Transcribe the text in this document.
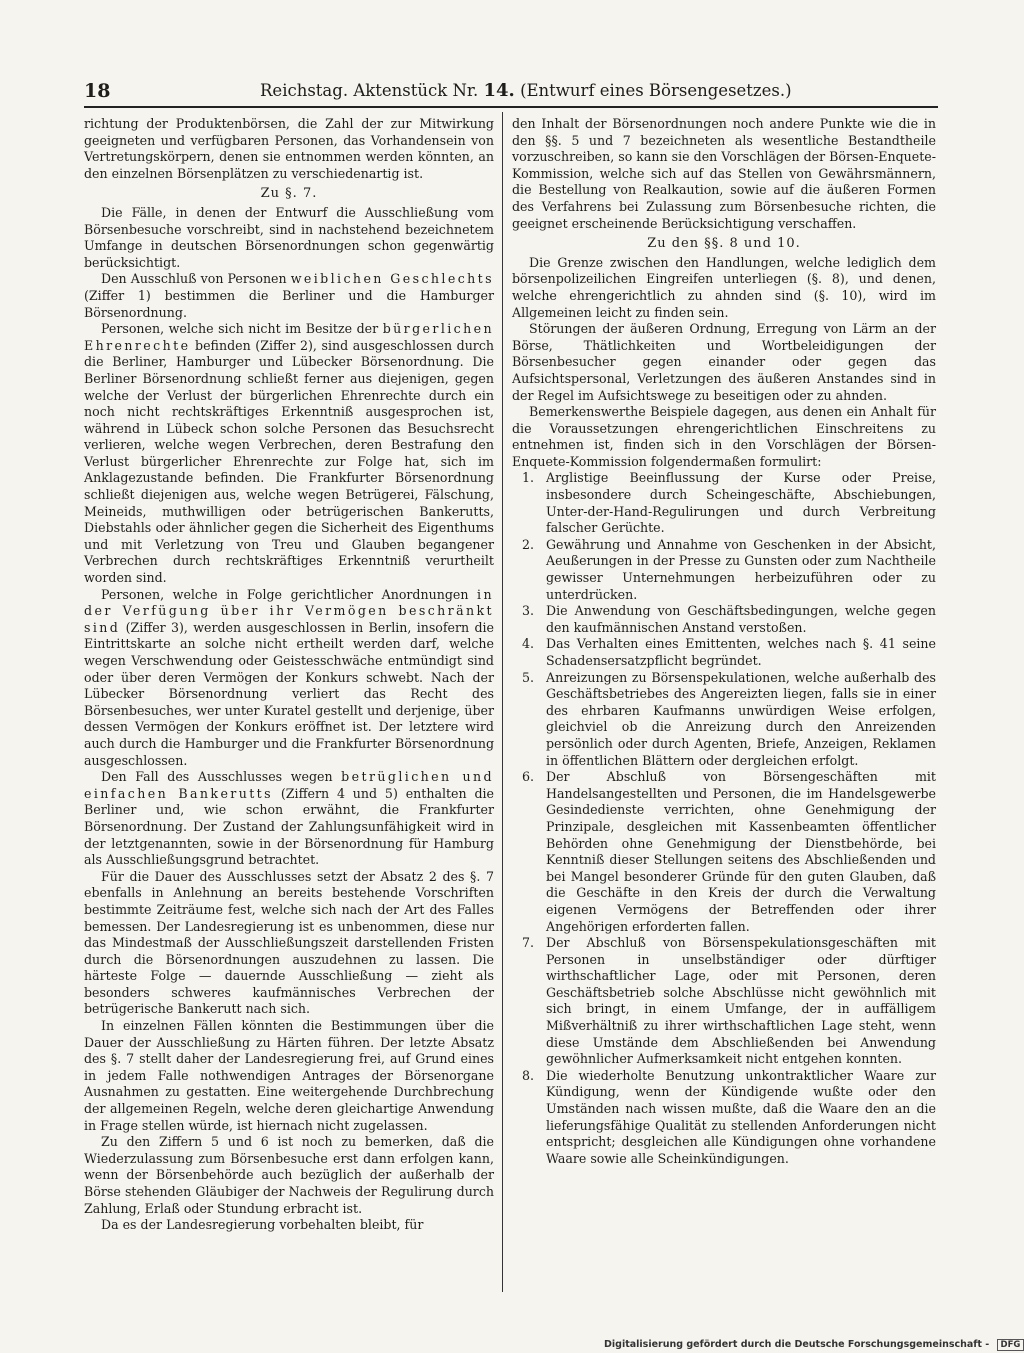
18	Reichstag. Aktenstück Nr. 14. (Entwurf eines Börsengesetzes.)

richtung der Produktenbörsen, die Zahl der zur Mitwirkung geeigneten und verfügbaren Personen, das Vorhandensein von Vertretungskörpern, denen sie entnommen werden könnten, an den einzelnen Börsenplätzen zu verschiedenartig ist.

Zu §. 7.

Die Fälle, in denen der Entwurf die Ausschließung vom Börsenbesuche vorschreibt, sind in nachstehend bezeichnetem Umfange in deutschen Börsenordnungen schon gegenwärtig berücksichtigt.

Den Ausschluß von Personen weiblichen Geschlechts (Ziffer 1) bestimmen die Berliner und die Hamburger Börsenordnung.

Personen, welche sich nicht im Besitze der bürgerlichen Ehrenrechte befinden (Ziffer 2), sind ausgeschlossen durch die Berliner, Hamburger und Lübecker Börsenordnung. Die Berliner Börsenordnung schließt ferner aus diejenigen, gegen welche der Verlust der bürgerlichen Ehrenrechte durch ein noch nicht rechtskräftiges Erkenntniß ausgesprochen ist, während in Lübeck schon solche Personen das Besuchsrecht verlieren, welche wegen Verbrechen, deren Bestrafung den Verlust bürgerlicher Ehrenrechte zur Folge hat, sich im Anklagezustande befinden. Die Frankfurter Börsenordnung schließt diejenigen aus, welche wegen Betrügerei, Fälschung, Meineids, muthwilligen oder betrügerischen Bankerutts, Diebstahls oder ähnlicher gegen die Sicherheit des Eigenthums und mit Verletzung von Treu und Glauben begangener Verbrechen durch rechtskräftiges Erkenntniß verurtheilt worden sind.

Personen, welche in Folge gerichtlicher Anordnungen in der Verfügung über ihr Vermögen beschränkt sind (Ziffer 3), werden ausgeschlossen in Berlin, insofern die Eintrittskarte an solche nicht ertheilt werden darf, welche wegen Verschwendung oder Geistesschwäche entmündigt sind oder über deren Vermögen der Konkurs schwebt. Nach der Lübecker Börsenordnung verliert das Recht des Börsenbesuches, wer unter Kuratel gestellt und derjenige, über dessen Vermögen der Konkurs eröffnet ist. Der letztere wird auch durch die Hamburger und die Frankfurter Börsenordnung ausgeschlossen.

Den Fall des Ausschlusses wegen betrüglichen und einfachen Bankerutts (Ziffern 4 und 5) enthalten die Berliner und, wie schon erwähnt, die Frankfurter Börsenordnung. Der Zustand der Zahlungsunfähigkeit wird in der letztgenannten, sowie in der Börsenordnung für Hamburg als Ausschließungsgrund betrachtet.

Für die Dauer des Ausschlusses setzt der Absatz 2 des §. 7 ebenfalls in Anlehnung an bereits bestehende Vorschriften bestimmte Zeiträume fest, welche sich nach der Art des Falles bemessen. Der Landesregierung ist es unbenommen, diese nur das Mindestmaß der Ausschließungszeit darstellenden Fristen durch die Börsenordnungen auszudehnen zu lassen. Die härteste Folge — dauernde Ausschließung — zieht als besonders schweres kaufmännisches Verbrechen der betrügerische Bankerutt nach sich.

In einzelnen Fällen könnten die Bestimmungen über die Dauer der Ausschließung zu Härten führen. Der letzte Absatz des §. 7 stellt daher der Landesregierung frei, auf Grund eines in jedem Falle nothwendigen Antrages der Börsenorgane Ausnahmen zu gestatten. Eine weitergehende Durchbrechung der allgemeinen Regeln, welche deren gleichartige Anwendung in Frage stellen würde, ist hiernach nicht zugelassen.

Zu den Ziffern 5 und 6 ist noch zu bemerken, daß die Wiederzulassung zum Börsenbesuche erst dann erfolgen kann, wenn der Börsenbehörde auch bezüglich der außerhalb der Börse stehenden Gläubiger der Nachweis der Regulirung durch Zahlung, Erlaß oder Stundung erbracht ist.

Da es der Landesregierung vorbehalten bleibt, für

den Inhalt der Börsenordnungen noch andere Punkte wie die in den §§. 5 und 7 bezeichneten als wesentliche Bestandtheile vorzuschreiben, so kann sie den Vorschlägen der Börsen-Enquete-Kommission, welche sich auf das Stellen von Gewährsmännern, die Bestellung von Realkaution, sowie auf die äußeren Formen des Verfahrens bei Zulassung zum Börsenbesuche richten, die geeignet erscheinende Berücksichtigung verschaffen.

Zu den §§. 8 und 10.

Die Grenze zwischen den Handlungen, welche lediglich dem börsenpolizeilichen Eingreifen unterliegen (§. 8), und denen, welche ehrengerichtlich zu ahnden sind (§. 10), wird im Allgemeinen leicht zu finden sein.

Störungen der äußeren Ordnung, Erregung von Lärm an der Börse, Thätlichkeiten und Wortbeleidigungen der Börsenbesucher gegen einander oder gegen das Aufsichtspersonal, Verletzungen des äußeren Anstandes sind in der Regel im Aufsichtswege zu beseitigen oder zu ahnden.

Bemerkenswerthe Beispiele dagegen, aus denen ein Anhalt für die Voraussetzungen ehrengerichtlichen Einschreitens zu entnehmen ist, finden sich in den Vorschlägen der Börsen-Enquete-Kommission folgendermaßen formulirt:

1. Arglistige Beeinflussung der Kurse oder Preise, insbesondere durch Scheingeschäfte, Abschiebungen, Unter-der-Hand-Regulirungen und durch Verbreitung falscher Gerüchte.
2. Gewährung und Annahme von Geschenken in der Absicht, Aeußerungen in der Presse zu Gunsten oder zum Nachtheile gewisser Unternehmungen herbeizuführen oder zu unterdrücken.
3. Die Anwendung von Geschäftsbedingungen, welche gegen den kaufmännischen Anstand verstoßen.
4. Das Verhalten eines Emittenten, welches nach §. 41 seine Schadensersatzpflicht begründet.
5. Anreizungen zu Börsenspekulationen, welche außerhalb des Geschäftsbetriebes des Angereizten liegen, falls sie in einer des ehrbaren Kaufmanns unwürdigen Weise erfolgen, gleichviel ob die Anreizung durch den Anreizenden persönlich oder durch Agenten, Briefe, Anzeigen, Reklamen in öffentlichen Blättern oder dergleichen erfolgt.
6. Der Abschluß von Börsengeschäften mit Handelsangestellten und Personen, die im Handelsgewerbe Gesindedienste verrichten, ohne Genehmigung der Prinzipale, desgleichen mit Kassenbeamten öffentlicher Behörden ohne Genehmigung der Dienstbehörde, bei Kenntniß dieser Stellungen seitens des Abschließenden und bei Mangel besonderer Gründe für den guten Glauben, daß die Geschäfte in den Kreis der durch die Verwaltung eigenen Vermögens der Betreffenden oder ihrer Angehörigen erforderten fallen.
7. Der Abschluß von Börsenspekulationsgeschäften mit Personen in unselbständiger oder dürftiger wirthschaftlicher Lage, oder mit Personen, deren Geschäftsbetrieb solche Abschlüsse nicht gewöhnlich mit sich bringt, in einem Umfange, der in auffälligem Mißverhältniß zu ihrer wirthschaftlichen Lage steht, wenn diese Umstände dem Abschließenden bei Anwendung gewöhnlicher Aufmerksamkeit nicht entgehen konnten.
8. Die wiederholte Benutzung unkontraktlicher Waare zur Kündigung, wenn der Kündigende wußte oder den Umständen nach wissen mußte, daß die Waare den an die lieferungsfähige Qualität zu stellenden Anforderungen nicht entspricht; desgleichen alle Kündigungen ohne vorhandene Waare sowie alle Scheinkündigungen.
Digitalisierung gefördert durch die Deutsche Forschungsgemeinschaft - DFG
